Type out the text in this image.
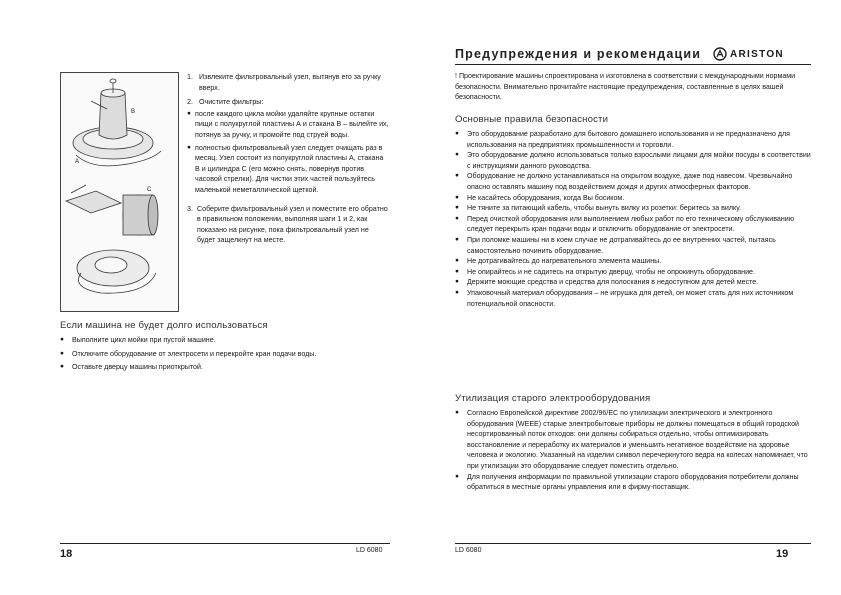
A
B
C
1. Извлеките фильтровальный узел, вытянув его за ручку вверх.
2. Очистите фильтры:
● после каждого цикла мойки удаляйте крупные остатки пищи с полукруглой пластины А и стакана В – вылейте их, потянув за ручку, и промойте под струей воды.
● полностью фильтровальный узел следует очищать раз в месяц. Узел состоит из полукруглой пластины А, стакана В и цилиндра С (его можно снять, повернув против часовой стрелки). Для чистки этих частей пользуйтесь маленькой неметаллической щеткой.
3. Соберите фильтровальный узел и поместите его обратно в правильном положении, выполняя шаги 1 и 2, как показано на рисунке, пока фильтровальный узел не будет защелкнут на месте.
Если машина не будет долго использоваться
● Выполните цикл мойки при пустой машине.
● Отключите оборудование от электросети и перекройте кран подачи воды.
● Оставьте дверцу машины приоткрытой.
18	LD 6080
Предупреждения и рекомендации	ARISTON
! Проектирование машины спроектирована и изготовлена в соответствии с международными нормами безопасности. Внимательно прочитайте настоящие предупреждения, составленные в целях вашей безопасности.
Основные правила безопасности
● Это оборудование разработано для бытового домашнего использования и не предназначено для использования на предприятиях промышленности и торговли.
● Это оборудование должно использоваться только взрослыми лицами для мойки посуды в соответствии с инструкциями данного руководства.
● Оборудование не должно устанавливаться на открытом воздухе, даже под навесом. Чрезвычайно опасно оставлять машину под воздействием дождя и других атмосферных факторов.
● Не касайтесь оборудования, когда Вы босиком.
● Не тяните за питающий кабель, чтобы вынуть вилку из розетки: беритесь за вилку.
● Перед очисткой оборудования или выполнением любых работ по его техническому обслуживанию следует перекрыть кран подачи воды и отключить оборудование от электросети.
● При поломке машины ни в коем случае не дотрагивайтесь до ее внутренних частей, пытаясь самостоятельно починить оборудование.
● Не дотрагивайтесь до нагревательного элемента машины.
● Не опирайтесь и не садитесь на открытую дверцу, чтобы не опрокинуть оборудование.
● Держите моющие средства и средства для полоскания в недоступном для детей месте.
● Упаковочный материал оборудования – не игрушка для детей, он может стать для них источником потенциальной опасности.
Утилизация старого электрооборудования
● Согласно Европейской директиве 2002/96/EC по утилизации электрического и электронного оборудования (WEEE) старые электробытовые приборы не должны помещаться в общий городской несортированный поток отходов: они должны собираться отдельно, чтобы оптимизировать восстановление и переработку их материалов и уменьшить негативное воздействие на здоровье человека и экологию. Указанный на изделии символ перечеркнутого ведра на колесах напоминает, что при утилизации это оборудование следует поместить отдельно.
● Для получения информации по правильной утилизации старого оборудования потребители должны обратиться в местные органы управления или в фирму-поставщик.
LD 6080	19
